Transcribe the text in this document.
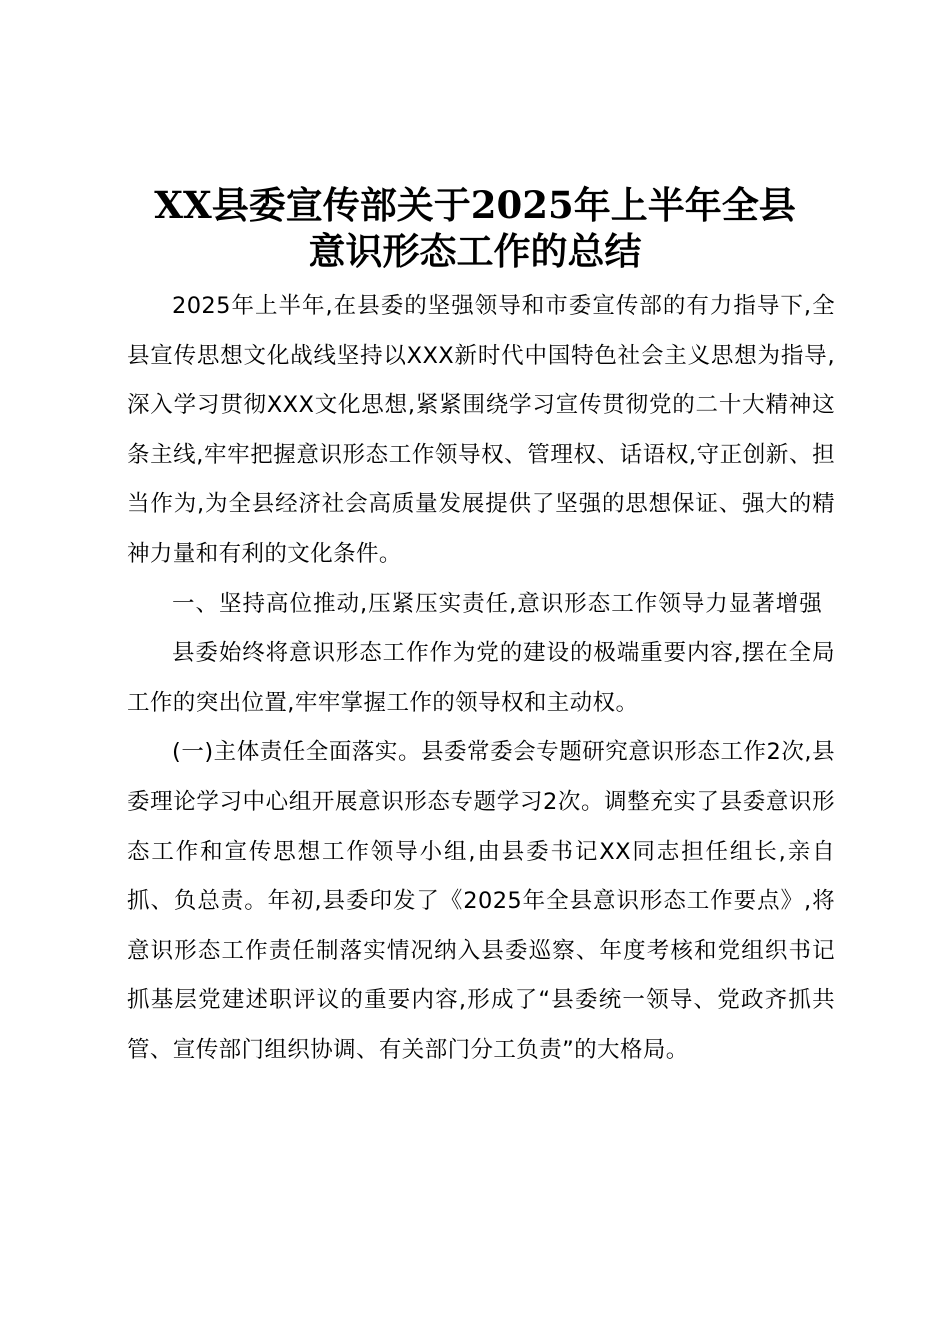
XX县委宣传部关于2025年上半年全县
意识形态工作的总结

2025年上半年,在县委的坚强领导和市委宣传部的有力指导下,全县宣传思想文化战线坚持以XXX新时代中国特色社会主义思想为指导,深入学习贯彻XXX文化思想,紧紧围绕学习宣传贯彻党的二十大精神这条主线,牢牢把握意识形态工作领导权、管理权、话语权,守正创新、担当作为,为全县经济社会高质量发展提供了坚强的思想保证、强大的精神力量和有利的文化条件。

一、坚持高位推动,压紧压实责任,意识形态工作领导力显著增强

县委始终将意识形态工作作为党的建设的极端重要内容,摆在全局工作的突出位置,牢牢掌握工作的领导权和主动权。

(一)主体责任全面落实。县委常委会专题研究意识形态工作2次,县委理论学习中心组开展意识形态专题学习2次。调整充实了县委意识形态工作和宣传思想工作领导小组,由县委书记XX同志担任组长,亲自抓、负总责。年初,县委印发了《2025年全县意识形态工作要点》,将意识形态工作责任制落实情况纳入县委巡察、年度考核和党组织书记抓基层党建述职评议的重要内容,形成了“县委统一领导、党政齐抓共管、宣传部门组织协调、有关部门分工负责”的大格局。
